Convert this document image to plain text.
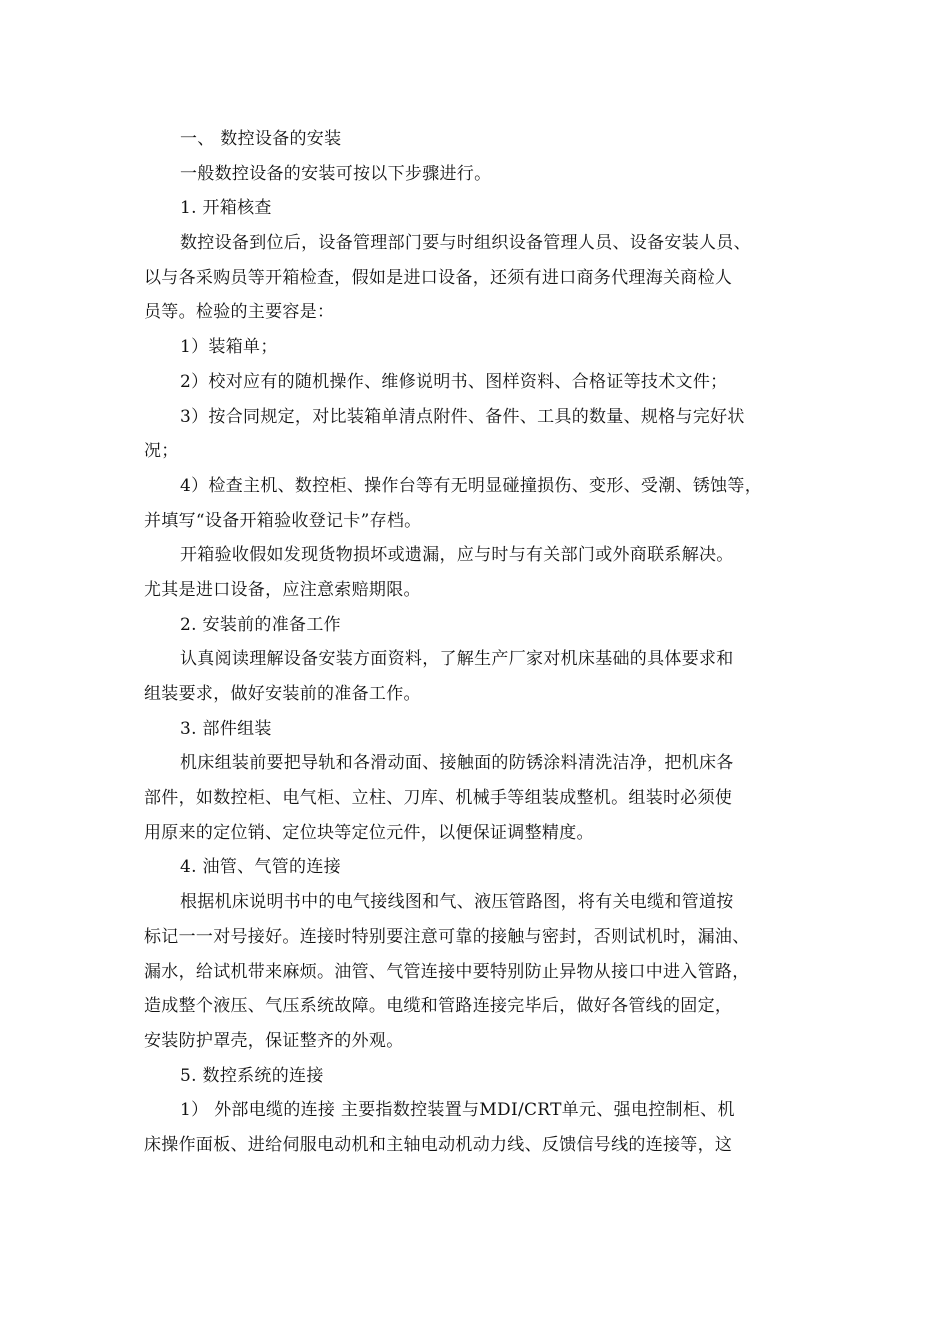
一、 数控设备的安装
一般数控设备的安装可按以下步骤进行。
1. 开箱核查
数控设备到位后，设备管理部门要与时组织设备管理人员、设备安装人员、
以与各采购员等开箱检查，假如是进口设备，还须有进口商务代理海关商检人
员等。检验的主要容是：
1）装箱单；
2）校对应有的随机操作、维修说明书、图样资料、合格证等技术文件；
3）按合同规定，对比装箱单清点附件、备件、工具的数量、规格与完好状
况；
4）检查主机、数控柜、操作台等有无明显碰撞损伤、变形、受潮、锈蚀等，
并填写“设备开箱验收登记卡”存档。
开箱验收假如发现货物损坏或遗漏，应与时与有关部门或外商联系解决。
尤其是进口设备，应注意索赔期限。
2. 安装前的准备工作
认真阅读理解设备安装方面资料，了解生产厂家对机床基础的具体要求和
组装要求，做好安装前的准备工作。
3. 部件组装
机床组装前要把导轨和各滑动面、接触面的防锈涂料清洗洁净，把机床各
部件，如数控柜、电气柜、立柱、刀库、机械手等组装成整机。组装时必须使
用原来的定位销、定位块等定位元件，以便保证调整精度。
4. 油管、气管的连接
根据机床说明书中的电气接线图和气、液压管路图，将有关电缆和管道按
标记一一对号接好。连接时特别要注意可靠的接触与密封，否则试机时，漏油、
漏水，给试机带来麻烦。油管、气管连接中要特别防止异物从接口中进入管路，
造成整个液压、气压系统故障。电缆和管路连接完毕后，做好各管线的固定，
安装防护罩壳，保证整齐的外观。
5. 数控系统的连接
1） 外部电缆的连接 主要指数控装置与MDI/CRT单元、强电控制柜、机
床操作面板、进给伺服电动机和主轴电动机动力线、反馈信号线的连接等，这
